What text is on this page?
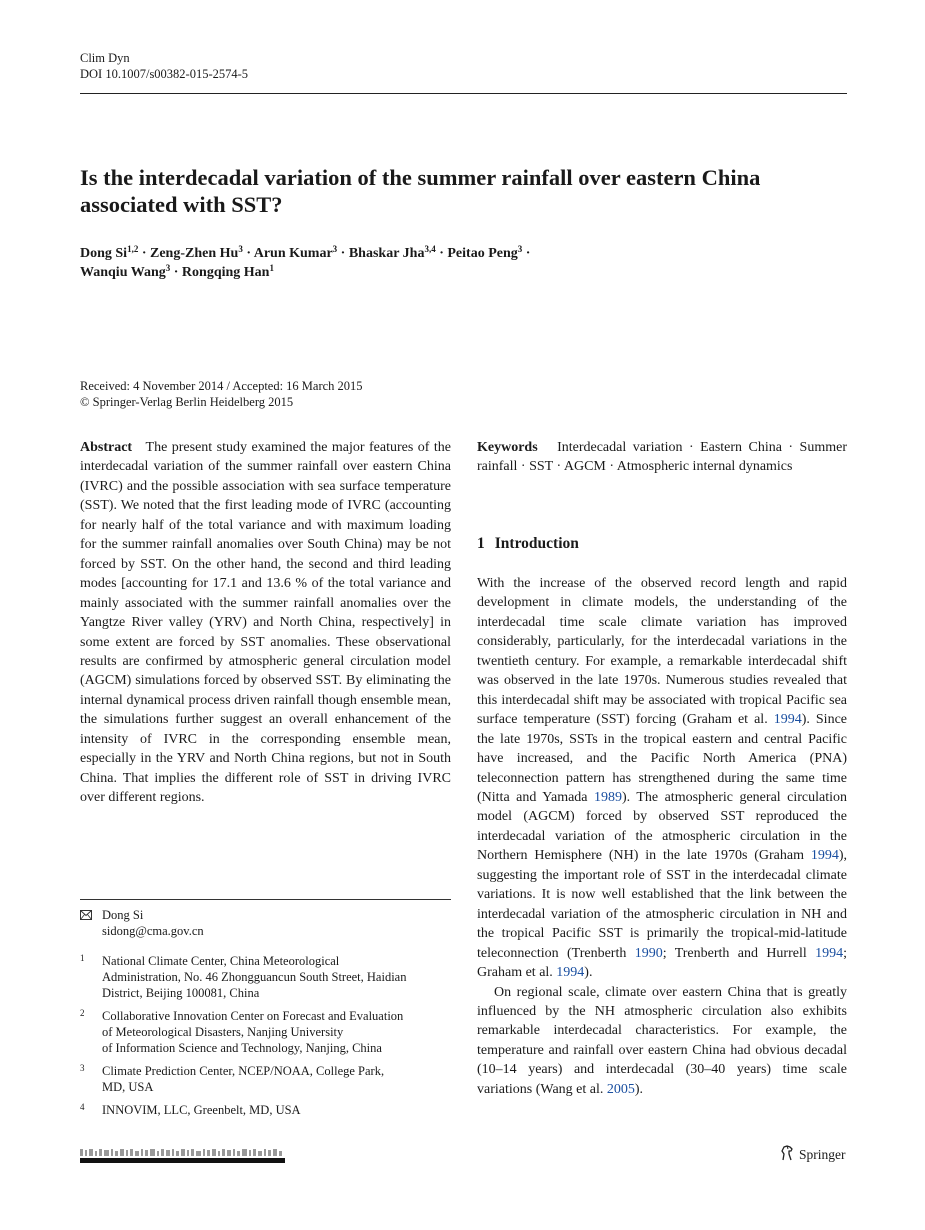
Clim Dyn
DOI 10.1007/s00382-015-2574-5
Is the interdecadal variation of the summer rainfall over eastern China associated with SST?
Dong Si$^{1,2}$ · Zeng-Zhen $Hu^3$ · Arun Kumar$^3$ · Bhaskar Jha$^{3,4}$ · Peitao Peng$^3$ ·
Wanqiu Wang$^3$ · Rongqing Han$^1$
Received: 4 November 2014 / Accepted: 16 March 2015
© Springer-Verlag Berlin Heidelberg 2015

Abstract The present study examined the major features of the interdecadal variation of the summer rainfall over eastern China (IVRC) and the possible association with sea surface temperature (SST). We noted that the first leading mode of IVRC (accounting for nearly half of the total variance and with maximum loading for the summer rainfall anomalies over South China) may be not forced by SST. On the other hand, the second and third leading modes [accounting for 17.1 and 13.6 % of the total variance and mainly associated with the summer rainfall anomalies over the Yangtze River valley (YRV) and North China, respectively] in some extent are forced by SST anomalies. These observational results are confirmed by atmospheric general circulation model (AGCM) simulations forced by observed SST. By eliminating the internal dynamical process driven rainfall though ensemble mean, the simulations further suggest an overall enhancement of the intensity of IVRC in the corresponding ensemble mean, especially in the YRV and North China regions, but not in South China. That implies the different role of SST in driving IVRC over different regions.

Keywords Interdecadal variation · Eastern China · Summer rainfall · SST · AGCM · Atmospheric internal dynamics

1 Introduction

With the increase of the observed record length and rapid development in climate models, the understanding of the interdecadal time scale climate variation has improved considerably, particularly, for the interdecadal variations in the twentieth century. For example, a remarkable interdecadal shift was observed in the late 1970s. Numerous studies revealed that this interdecadal shift may be associated with tropical Pacific sea surface temperature (SST) forcing (Graham et al. 1994). Since the late 1970s, SSTs in the tropical eastern and central Pacific have increased, and the Pacific North America (PNA) teleconnection pattern has strengthened during the same time (Nitta and Yamada 1989). The atmospheric general circulation model (AGCM) forced by observed SST reproduced the interdecadal variation of the atmospheric circulation in the Northern Hemisphere (NH) in the late 1970s (Graham 1994), suggesting the important role of SST in the interdecadal climate variations. It is now well established that the link between the interdecadal variation of the atmospheric circulation in NH and the tropical Pacific SST is primarily the tropical-mid-latitude teleconnection (Trenberth 1990; Trenberth and Hurrell 1994; Graham et al. 1994).

On regional scale, climate over eastern China that is greatly influenced by the NH atmospheric circulation also exhibits remarkable interdecadal characteristics. For example, the temperature and rainfall over eastern China had obvious decadal (10–14 years) and interdecadal (30–40 years) time scale variations (Wang et al. 2005).

Dong Si
sidong@cma.gov.cn
1 National Climate Center, China Meteorological
Administration, No. 46 Zhongguancun South Street, Haidian
District, Beijing 100081, China
2 Collaborative Innovation Center on Forecast and Evaluation
of Meteorological Disasters, Nanjing University
of Information Science and Technology, Nanjing, China
3 Climate Prediction Center, NCEP/NOAA, College Park,
MD, USA
4 INNOVIM, LLC, Greenbelt, MD, USA
Springer
